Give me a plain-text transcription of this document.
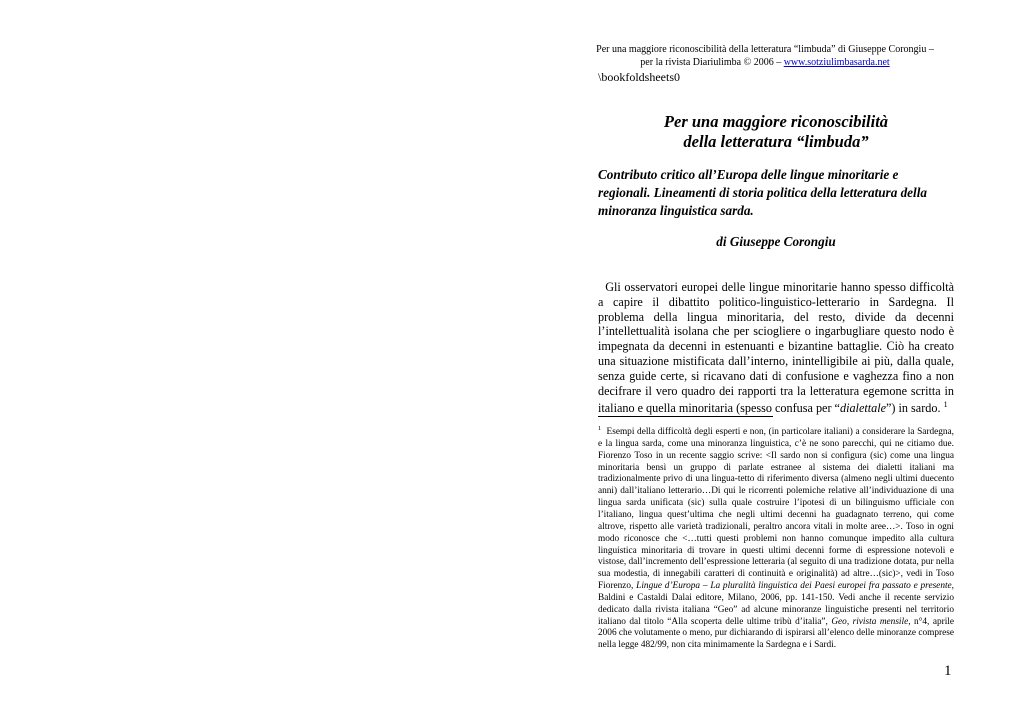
Per una maggiore riconoscibilità della letteratura “limbuda” di Giuseppe Corongiu –
per la rivista Diariulimba © 2006 – www.sotziulimbasarda.net
\bookfoldsheets0
Per una maggiore riconoscibilità
della letteratura “limbuda”
Contributo critico all’Europa delle lingue minoritarie e regionali. Lineamenti di storia politica della letteratura della minoranza linguistica sarda.
di Giuseppe Corongiu
Gli osservatori europei delle lingue minoritarie hanno spesso difficoltà a capire il dibattito politico-linguistico-letterario in Sardegna. Il problema della lingua minoritaria, del resto, divide da decenni l’intellettualità isolana che per sciogliere o ingarbugliare questo nodo è impegnata da decenni in estenuanti e bizantine battaglie. Ciò ha creato una situazione mistificata dall’interno, inintelligibile ai più, dalla quale, senza guide certe, si ricavano dati di confusione e vaghezza fino a non decifrare il vero quadro dei rapporti tra la letteratura egemone scritta in italiano e quella minoritaria (spesso confusa per “dialettale”) in sardo. $^1$
$^1$ Esempi della difficoltà degli esperti e non, (in particolare italiani) a considerare la Sardegna, e la lingua sarda, come una minoranza linguistica, c’è ne sono parecchi, qui ne citiamo due. Fiorenzo Toso in un recente saggio scrive: <Il sardo non si configura (sic) come una lingua minoritaria bensì un gruppo di parlate estranee al sistema dei dialetti italiani ma tradizionalmente privo di una lingua-tetto di riferimento diversa (almeno negli ultimi duecento anni) dall’italiano letterario…Di qui le ricorrenti polemiche relative all’individuazione di una lingua sarda unificata (sic) sulla quale costruire l’ipotesi di un bilinguismo ufficiale con l’italiano, lingua quest’ultima che negli ultimi decenni ha guadagnato terreno, qui come altrove, rispetto alle varietà tradizionali, peraltro ancora vitali in molte aree…>. Toso in ogni modo riconosce che <…tutti questi problemi non hanno comunque impedito alla cultura linguistica minoritaria di trovare in questi ultimi decenni forme di espressione notevoli e vistose, dall’incremento dell’espressione letteraria (al seguito di una tradizione dotata, pur nella sua modestia, di innegabili caratteri di continuità e originalità) ad altre…(sic)>, vedi in Toso Fiorenzo, Lingue d’Europa – La pluralità linguistica dei Paesi europei fra passato e presente, Baldini e Castaldi Dalai editore, Milano, 2006, pp. 141-150. Vedi anche il recente servizio dedicato dalla rivista italiana “Geo” ad alcune minoranze linguistiche presenti nel territorio italiano dal titolo “Alla scoperta delle ultime tribù d’italia”, Geo, rivista mensile, n°4, aprile 2006 che volutamente o meno, pur dichiarando di ispirarsi all’elenco delle minoranze comprese nella legge 482/99, non cita minimamente la Sardegna e i Sardi.
1
